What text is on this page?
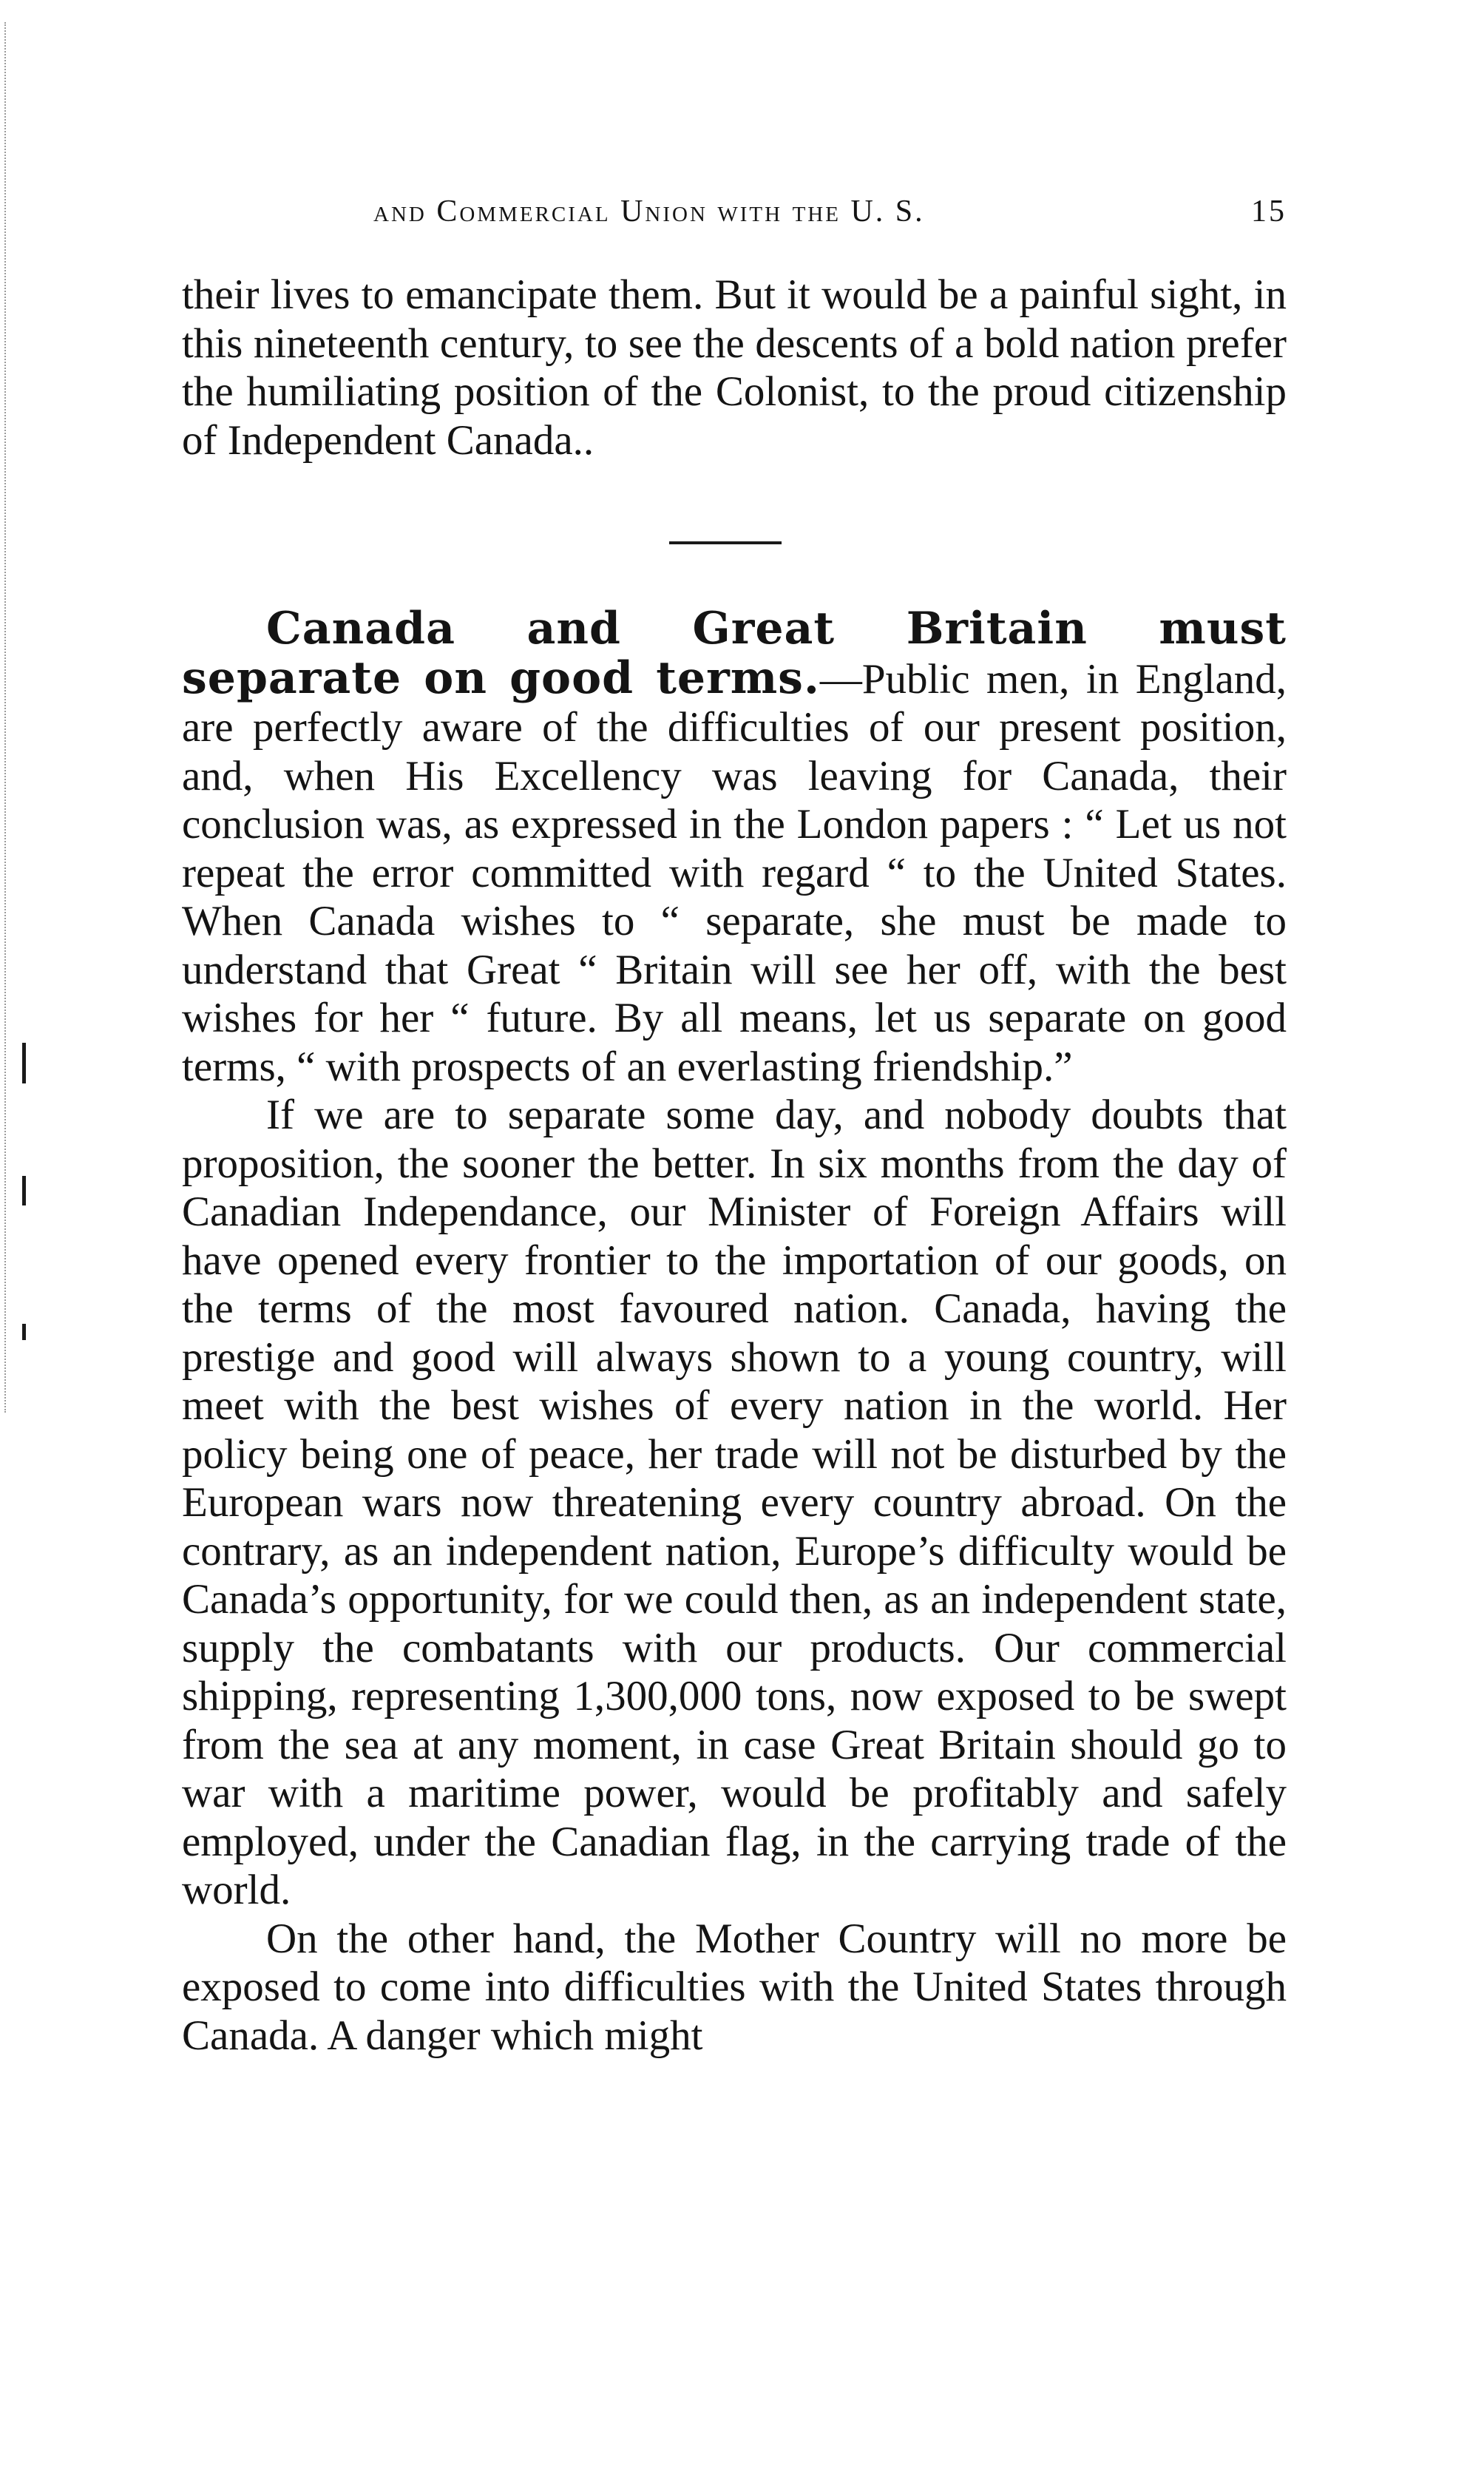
and Commercial Union with the U. S.	15

their lives to emancipate them. But it would be a painful sight, in this nineteenth century, to see the descents of a bold nation prefer the humiliating position of the Colonist, to the proud citizenship of Independent Canada..

Canada and Great Britain must separate on good terms.—Public men, in England, are perfectly aware of the difficulties of our present position, and, when His Excellency was leaving for Canada, their conclusion was, as expressed in the London papers : “ Let us not repeat the error committed with regard “ to the United States. When Canada wishes to “ separate, she must be made to understand that Great “ Britain will see her off, with the best wishes for her “ future. By all means, let us separate on good terms, “ with prospects of an everlasting friendship.”

If we are to separate some day, and nobody doubts that proposition, the sooner the better. In six months from the day of Canadian Independance, our Minister of Foreign Affairs will have opened every frontier to the importation of our goods, on the terms of the most favoured nation. Canada, having the prestige and good will always shown to a young country, will meet with the best wishes of every nation in the world. Her policy being one of peace, her trade will not be disturbed by the European wars now threatening every country abroad. On the contrary, as an independent nation, Europe’s difficulty would be Canada’s opportunity, for we could then, as an independent state, supply the combatants with our products. Our commercial shipping, representing 1,300,000 tons, now exposed to be swept from the sea at any moment, in case Great Britain should go to war with a maritime power, would be profitably and safely employed, under the Canadian flag, in the carrying trade of the world.

On the other hand, the Mother Country will no more be exposed to come into difficulties with the United States through Canada. A danger which might
